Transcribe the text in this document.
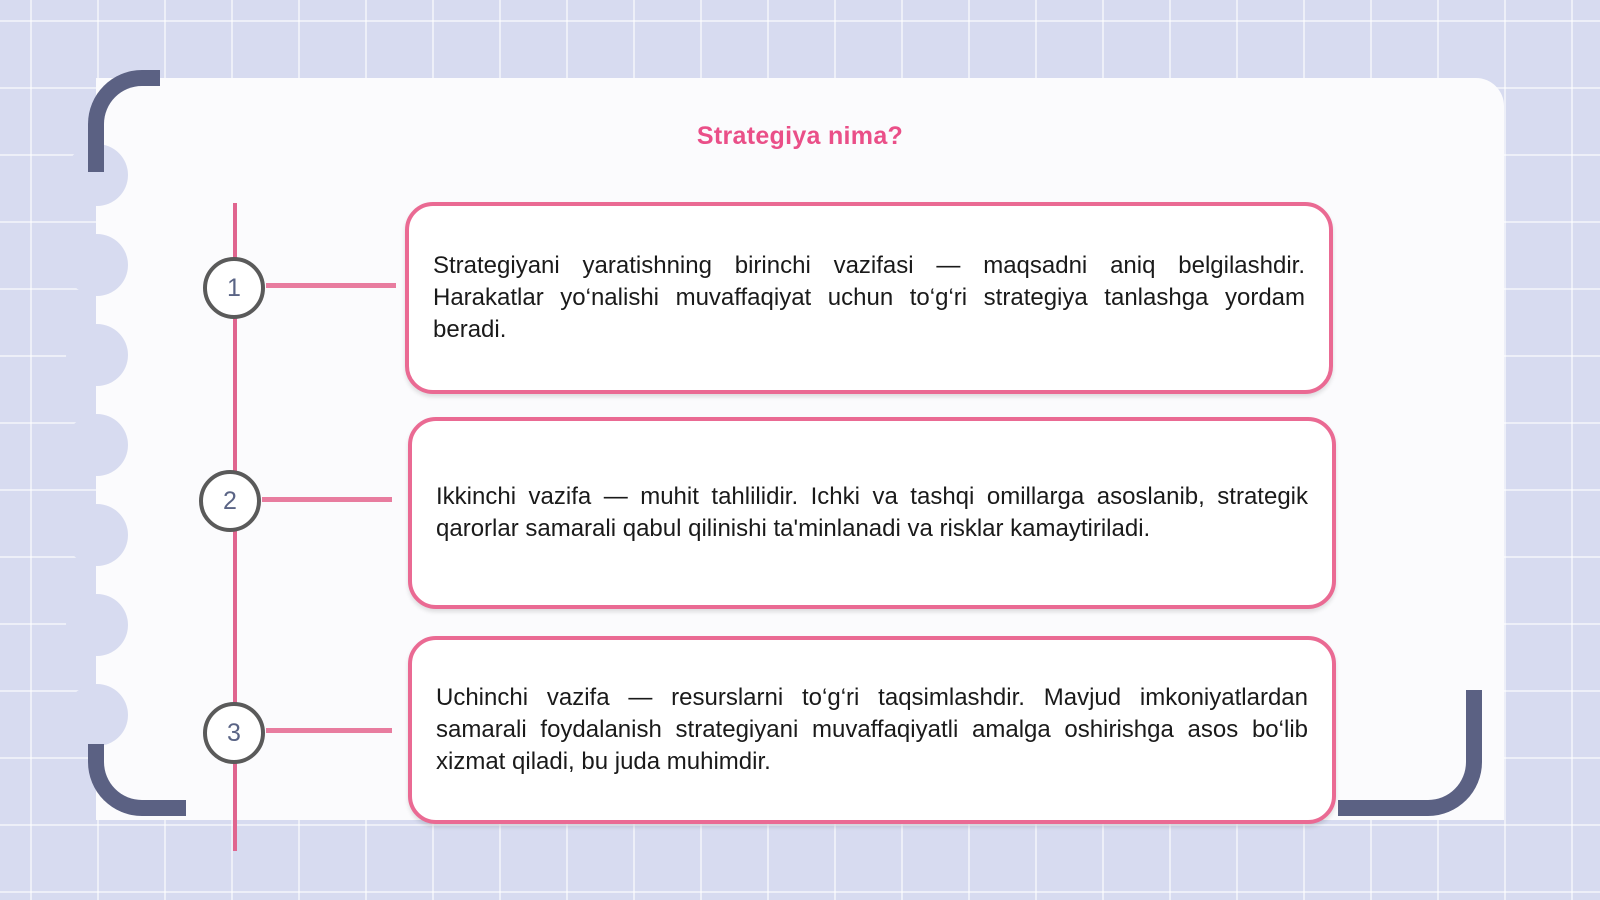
Strategiya nima?
1

Strategiyani yaratishning birinchi vazifasi — maqsadni aniq belgilashdir. Harakatlar yo‘nalishi muvaffaqiyat uchun to‘g‘ri strategiya tanlashga yordam beradi.

2	Ikkinchi vazifa — muhit tahlilidir. Ichki va tashqi omillarga asoslanib, strategik qarorlar samarali qabul qilinishi ta'minlanadi va risklar kamaytiriladi.

3

Uchinchi vazifa — resurslarni to‘g‘ri taqsimlashdir. Mavjud imkoniyatlardan samarali foydalanish strategiyani muvaffaqiyatli amalga oshirishga asos bo‘lib xizmat qiladi, bu juda muhimdir.
